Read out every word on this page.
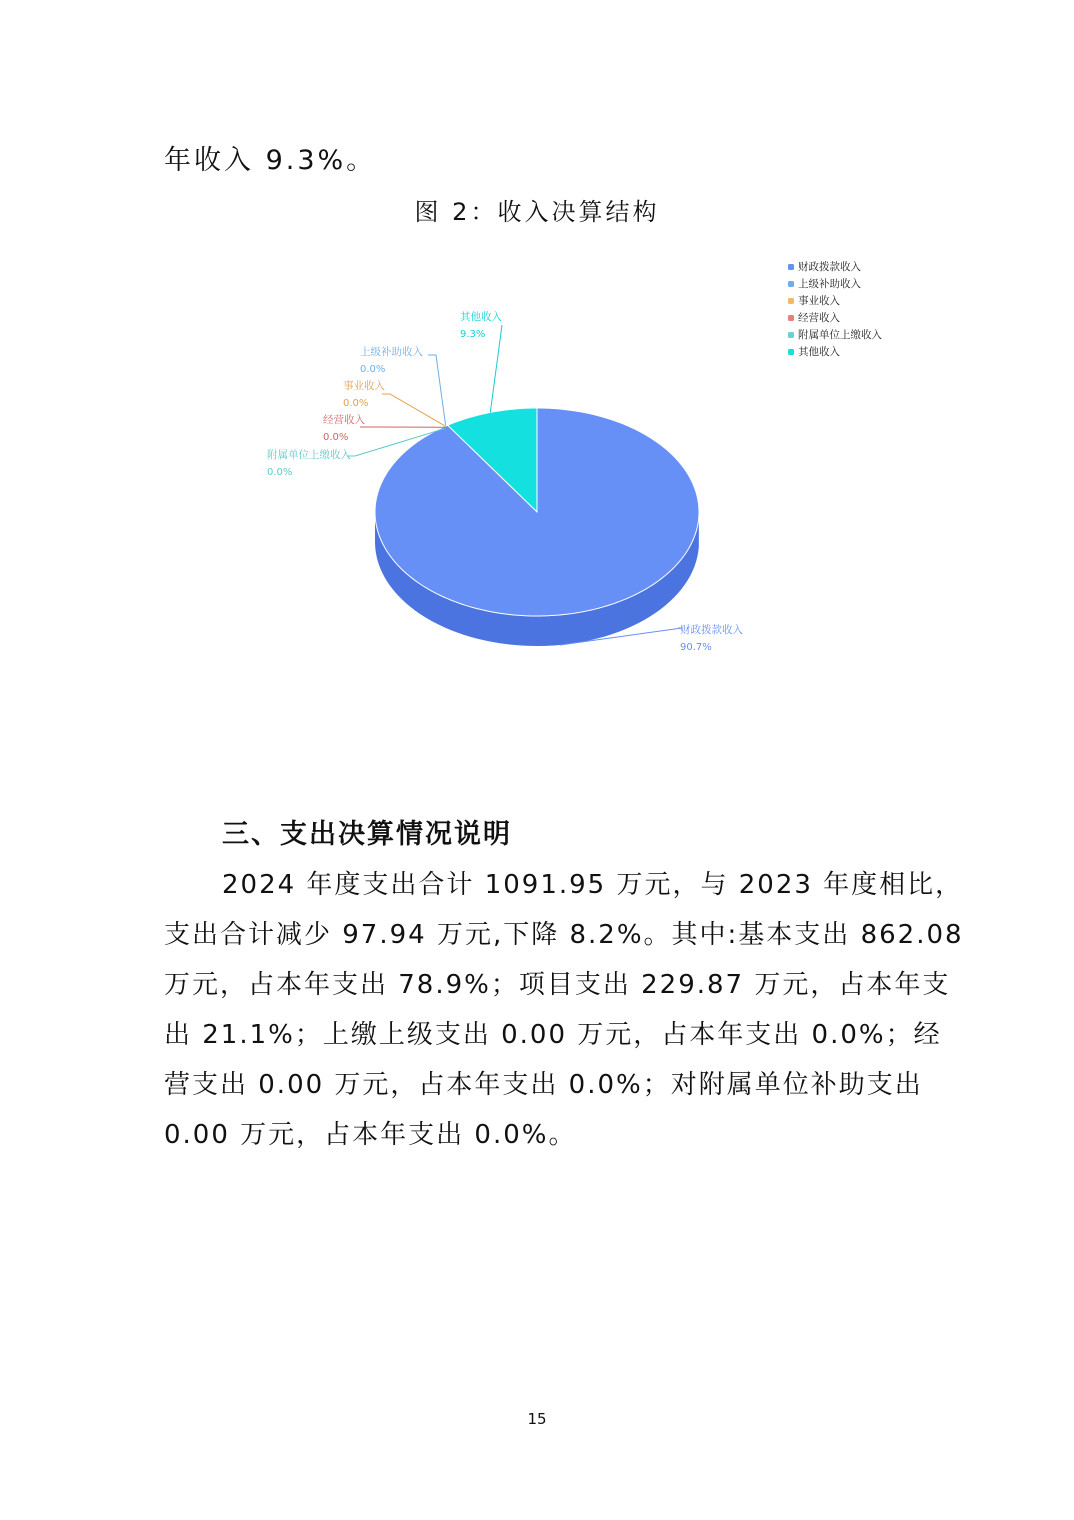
年收入 9.3%。
图 2：收入决算结构
财政拨款收入
90.7%
上级补助收入
0.0%
事业收入
0.0%
经营收入
0.0%
附属单位上缴收入
0.0%
其他收入
9.3%
财政拨款收入
上级补助收入
事业收入
经营收入
附属单位上缴收入
其他收入
三、支出决算情况说明
2024 年度支出合计 1091.95 万元，与 2023 年度相比，
支出合计减少 97.94 万元,下降 8.2%。其中:基本支出 862.08
万元，占本年支出 78.9%；项目支出 229.87 万元，占本年支
出 21.1%；上缴上级支出 0.00 万元，占本年支出 0.0%；经
营支出 0.00 万元，占本年支出 0.0%；对附属单位补助支出
0.00 万元，占本年支出 0.0%。
15
